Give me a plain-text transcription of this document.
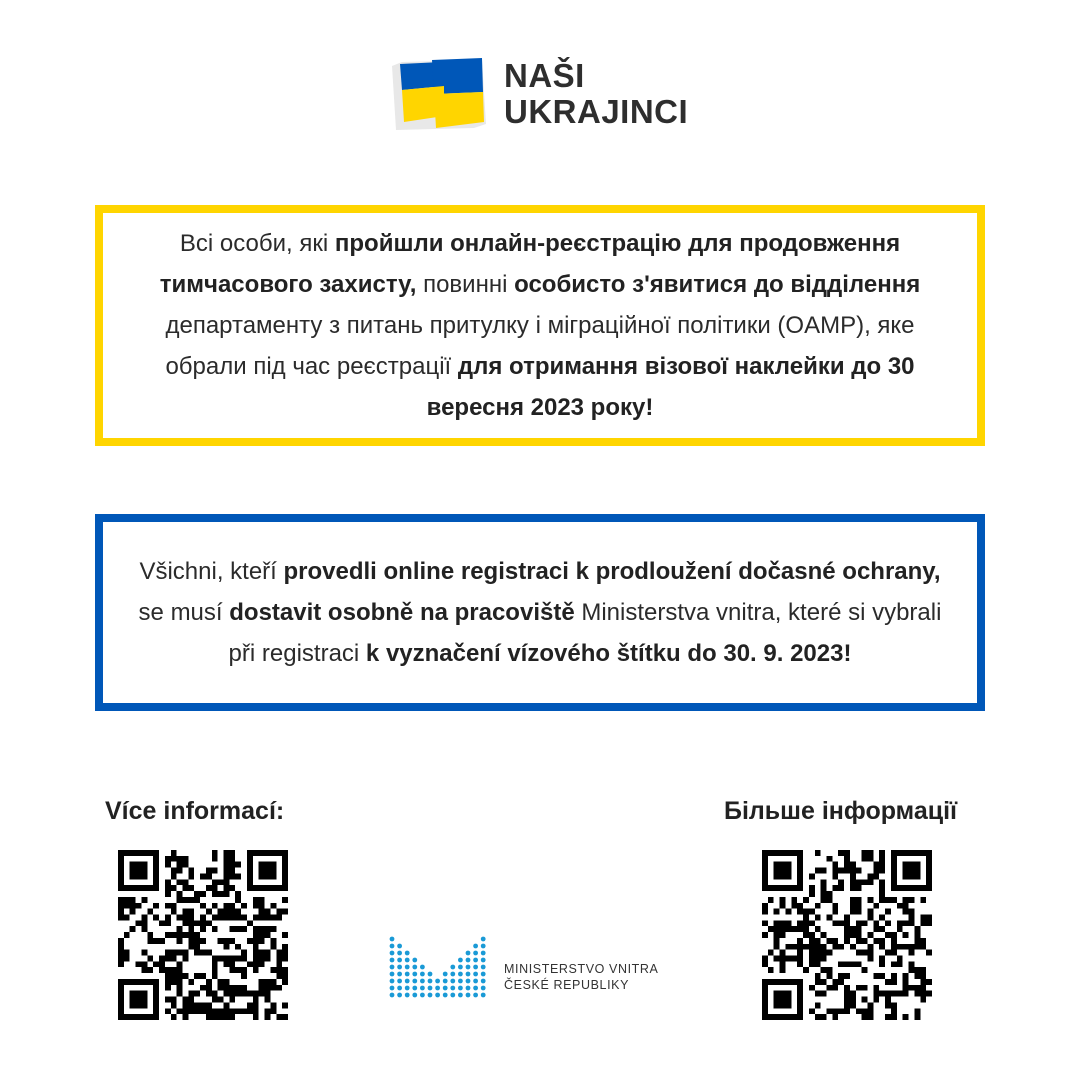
NAŠI
UKRAJINCI

Всі особи, які пройшли онлайн-реєстрацію для продовження тимчасового захисту, повинні особисто з'явитися до відділення департаменту з питань притулку і міграційної політики (OAMP), яке обрали під час реєстрації для отримання візової наклейки до 30 вересня 2023 року!

Všichni, kteří provedli online registraci k prodloužení dočasné ochrany, se musí dostavit osobně na pracoviště Ministerstva vnitra, které si vybrali při registraci k vyznačení vízového štítku do 30. 9. 2023!

Více informací:	Більше інформації
MINISTERSTVO VNITRA
ČESKÉ REPUBLIKY
